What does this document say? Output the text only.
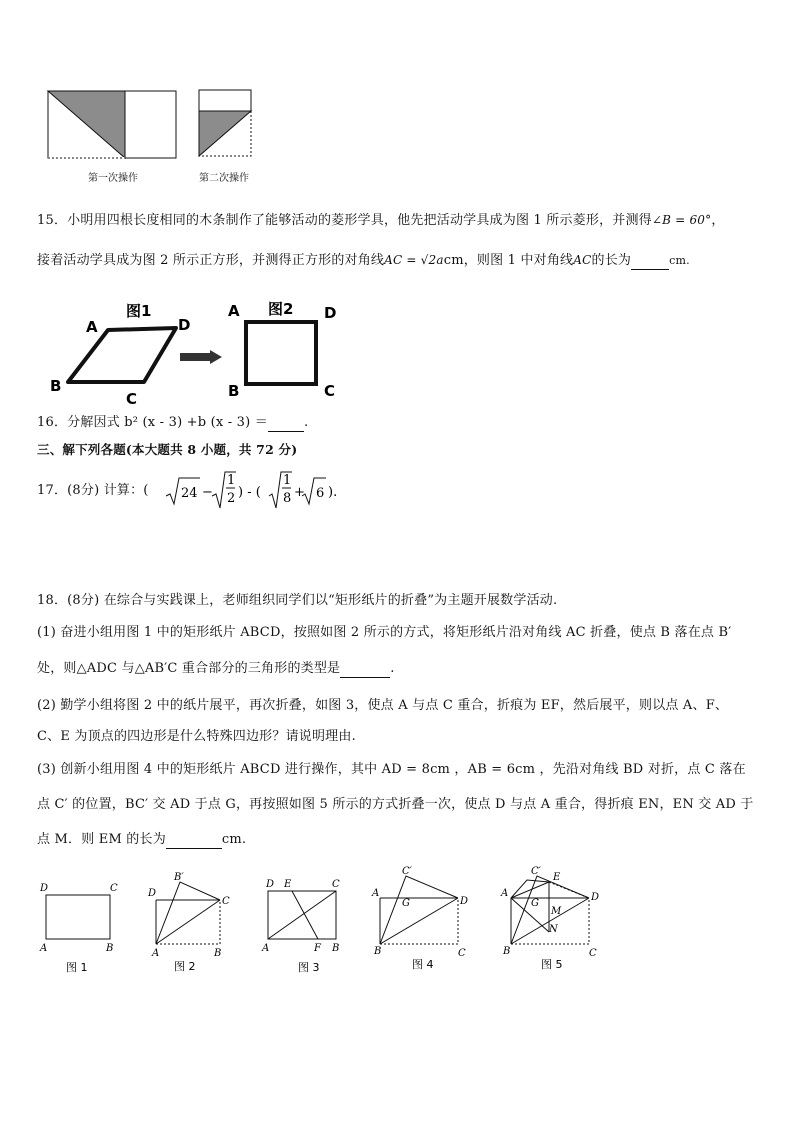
第一次操作	第二次操作
15．小明用四根长度相同的木条制作了能够活动的菱形学具，他先把活动学具成为图 1 所示菱形，并测得∠B = 60°，
接着活动学具成为图 2 所示正方形，并测得正方形的对角线AC = √2acm，则图 1 中对角线AC的长为	cm.
图1
A	D
B
C
图2
A	D
B	C
16．分解因式 b² (x - 3) +b (x - 3) ＝	.
三、解下列各题(本大题共 8 小题，共 72 分)
17．(8分) 计算：( 24 −
1
2 ) - (
1
8 + 6 ).
18．(8分) 在综合与实践课上，老师组织同学们以“矩形纸片的折叠”为主题开展数学活动.
(1) 奋进小组用图 1 中的矩形纸片 ABCD，按照如图 2 所示的方式，将矩形纸片沿对角线 AC 折叠，使点 B 落在点 B′
处，则△ADC 与△AB′C 重合部分的三角形的类型是	.
(2) 勤学小组将图 2 中的纸片展平，再次折叠，如图 3，使点 A 与点 C 重合，折痕为 EF，然后展平，则以点 A、F、
C、E 为顶点的四边形是什么特殊四边形？请说明理由.
(3) 创新小组用图 4 中的矩形纸片 ABCD 进行操作，其中 AD = 8cm ，AB = 6cm ，先沿对角线 BD 对折，点 C 落在
点 C′ 的位置，BC′ 交 AD 于点 G，再按照如图 5 所示的方式折叠一次，使点 D 与点 A 重合，得折痕 EN，EN 交 AD 于
点 M．则 EM 的长为	cm.
D	C
A	B
图 1
B′
D
C
A	B
图 2
D E	C
A	F B
图 3
C′
A
G	D
B	C
图 4
C′
E
A
G
M
D
N
B	C
图 5
